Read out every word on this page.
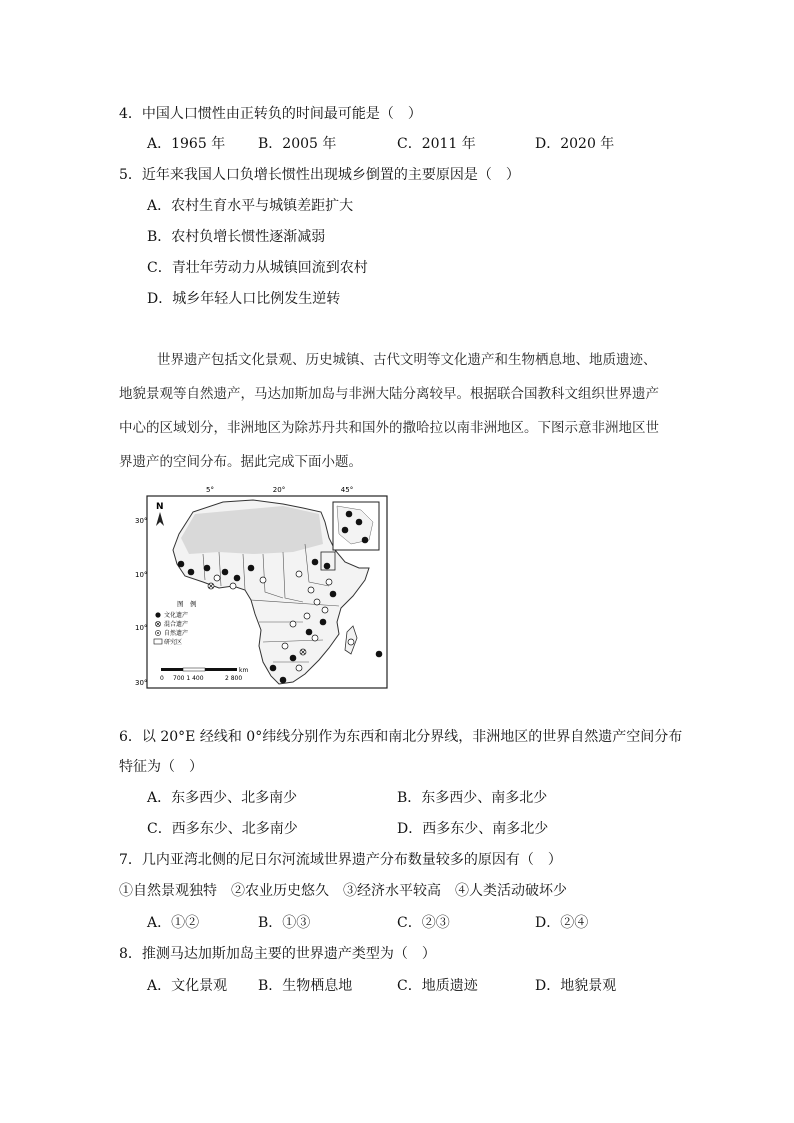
4．中国人口惯性由正转负的时间最可能是（　）
A．1965 年 B．2005 年	C．2011 年	D．2020 年
5．近年来我国人口负增长惯性出现城乡倒置的主要原因是（　）
A．农村生育水平与城镇差距扩大
B．农村负增长惯性逐渐减弱
C．青壮年劳动力从城镇回流到农村
D．城乡年轻人口比例发生逆转

世界遗产包括文化景观、历史城镇、古代文明等文化遗产和生物栖息地、地质遗迹、

地貌景观等自然遗产，马达加斯加岛与非洲大陆分离较早。根据联合国教科文组织世界遗产

中心的区域划分，非洲地区为除苏丹共和国外的撒哈拉以南非洲地区。下图示意非洲地区世

界遗产的空间分布。据此完成下面小题。

5°	20°	45°
30°
10°
10°
30°
N
图　例
文化遗产
混合遗产
自然遗产
研究区
km
0 700 1 400	2 800
6．以 20°E 经线和 0°纬线分别作为东西和南北分界线，非洲地区的世界自然遗产空间分布
特征为（　）
A．东多西少、北多南少	B．东多西少、南多北少
C．西多东少、北多南少	D．西多东少、南多北少
7．几内亚湾北侧的尼日尔河流域世界遗产分布数量较多的原因有（　）
①自然景观独特　②农业历史悠久　③经济水平较高　④人类活动破坏少
A．①②	B．①③	C．②③	D．②④
8．推测马达加斯加岛主要的世界遗产类型为（　）
A．文化景观 B．生物栖息地	C．地质遗迹	D．地貌景观
